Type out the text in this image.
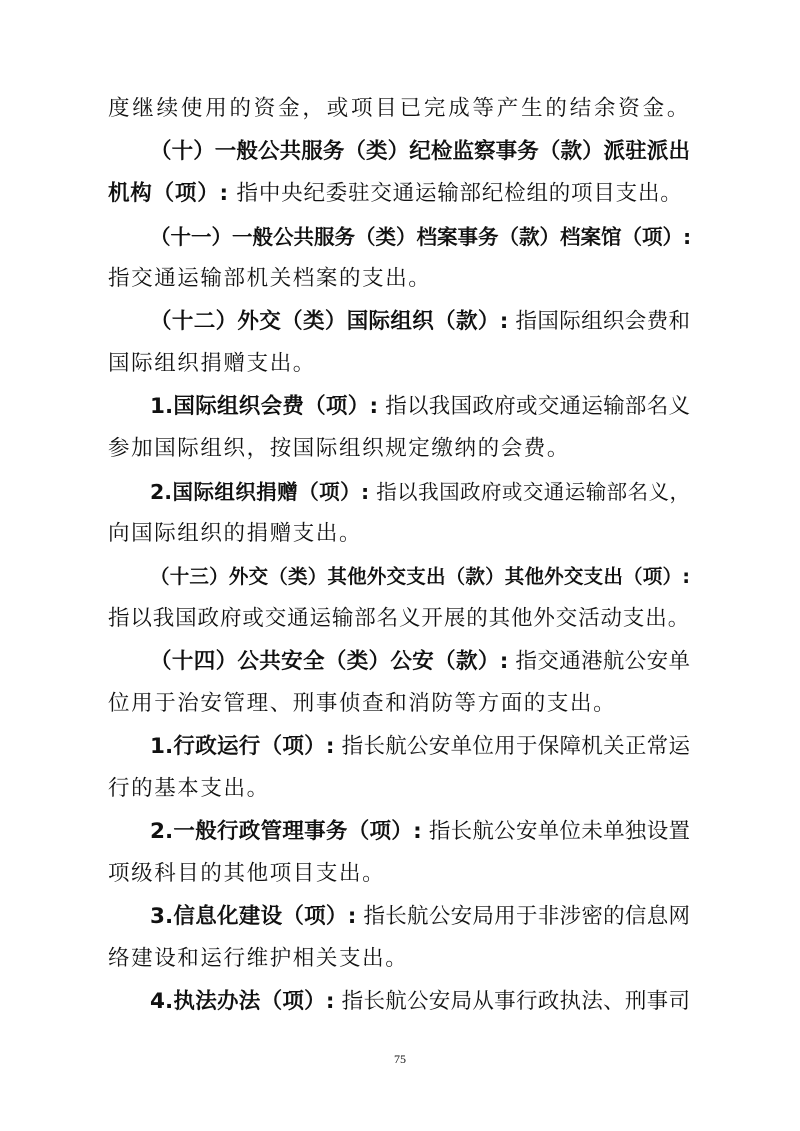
度继续使用的资金，或项目已完成等产生的结余资金。
（十）一般公共服务（类）纪检监察事务（款）派驻派出
机构（项）: 指中央纪委驻交通运输部纪检组的项目支出。
（十一）一般公共服务（类）档案事务（款）档案馆（项）:
指交通运输部机关档案的支出。
（十二）外交（类）国际组织（款）: 指国际组织会费和
国际组织捐赠支出。
1.国际组织会费（项）: 指以我国政府或交通运输部名义
参加国际组织，按国际组织规定缴纳的会费。
2.国际组织捐赠（项）: 指以我国政府或交通运输部名义，
向国际组织的捐赠支出。
（十三）外交（类）其他外交支出（款）其他外交支出（项）:
指以我国政府或交通运输部名义开展的其他外交活动支出。
（十四）公共安全（类）公安（款）: 指交通港航公安单
位用于治安管理、刑事侦查和消防等方面的支出。
1.行政运行（项）: 指长航公安单位用于保障机关正常运
行的基本支出。
2.一般行政管理事务（项）: 指长航公安单位未单独设置
项级科目的其他项目支出。
3.信息化建设（项）: 指长航公安局用于非涉密的信息网
络建设和运行维护相关支出。
4.执法办法（项）: 指长航公安局从事行政执法、刑事司
75
